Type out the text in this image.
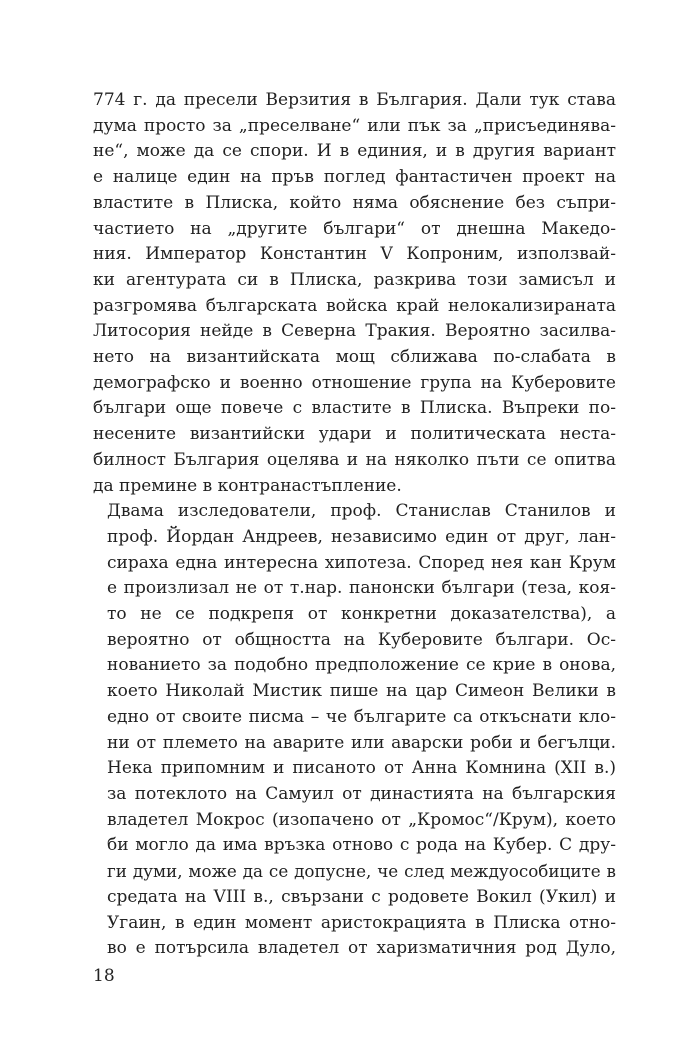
774 г. да пресели Верзития в България. Дали тук става
дума просто за „преселване“ или пък за „присъединява-
не“, може да се спори. И в единия, и в другия вариант
е налице един на пръв поглед фантастичен проект на
властите в Плиска, който няма обяснение без съпри-
частието на „другите българи“ от днешна Македо-
ния. Император Константин V Копроним, използвай-
ки агентурата си в Плиска, разкрива този замисъл и
разгромява българската войска край нелокализираната
Литосория нейде в Северна Тракия. Вероятно засилва-
нето на византийската мощ сближава по-слабата в
демографско и военно отношение група на Куберовите
българи още повече с властите в Плиска. Въпреки по-
несените византийски удари и политическата неста-
билност България оцелява и на няколко пъти се опитва
да премине в контранастъпление.

Двама изследователи, проф. Станислав Станилов и
проф. Йордан Андреев, независимо един от друг, лан-
сираха една интересна хипотеза. Според нея кан Крум
е произлизал не от т.нар. панонски българи (теза, коя-
то не се подкрепя от конкретни доказателства), а
вероятно от общността на Куберовите българи. Ос-
нованието за подобно предположение се крие в онова,
което Николай Мистик пише на цар Симеон Велики в
едно от своите писма – че българите са откъснати кло-
ни от племето на аварите или аварски роби и бегълци.
Нека припомним и писаното от Анна Комнина (XII в.)
за потеклото на Самуил от династията на българския
владетел Мокрос (изопачено от „Кромос“/Крум), което
би могло да има връзка отново с рода на Кубер. С дру-
ги думи, може да се допусне, че след междуособиците в
средата на VIII в., свързани с родовете Вокил (Укил) и
Угаин, в един момент аристокрацията в Плиска отно-
во е потърсила владетел от харизматичния род Дуло,

18
